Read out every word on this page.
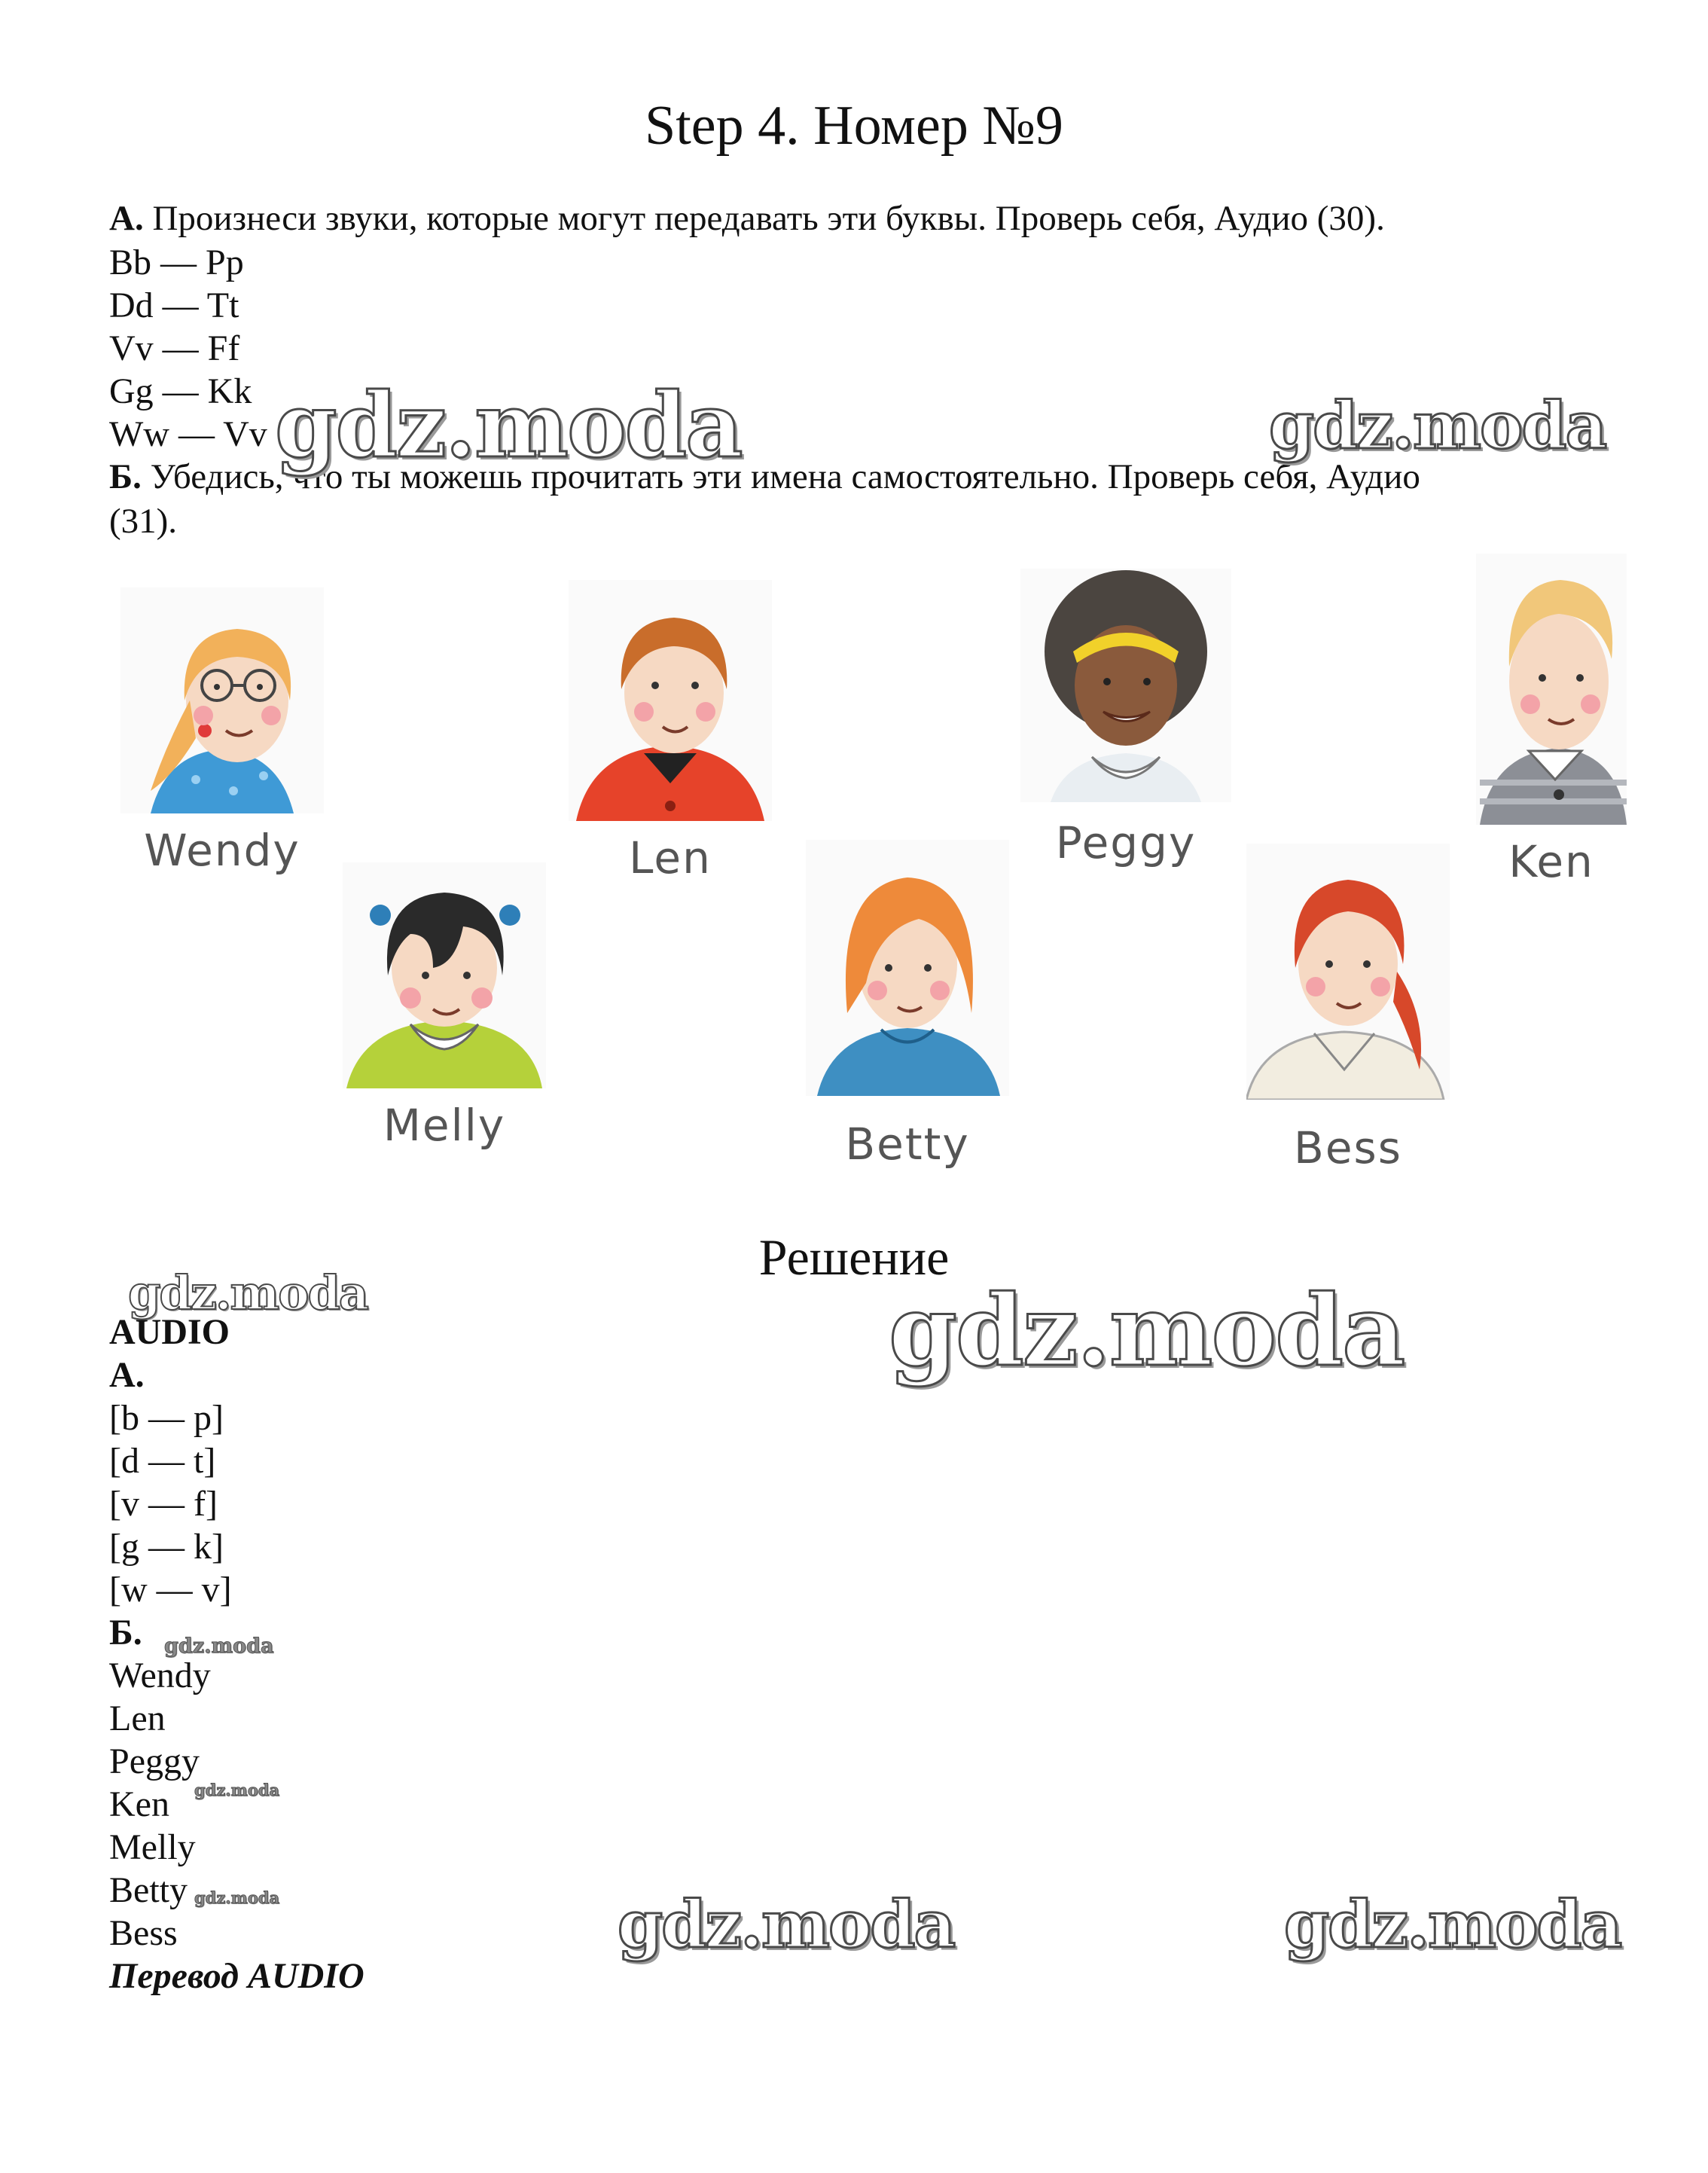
Step 4. Номер №9
А. Произнеси звуки, которые могут передавать эти буквы. Проверь себя, Аудио (30).
Bb — Pp
Dd — Tt
Vv — Ff
Gg — Kk
Ww — Vv
Б. Убедись, что ты можешь прочитать эти имена самостоятельно. Проверь себя, Аудио
(31).
gdz.moda	gdz.moda
Wendy	Len	Peggy	Ken
Melly	Betty	Bess
Решение
gdz.moda	gdz.moda
AUDIO
А.
[b — p]
[d — t]
[v — f]
[g — k]
[w — v]
Б. gdz.moda
Wendy
Len
Peggy
Ken gdz.moda
Melly
Betty gdz.moda
Bess
Перевод AUDIO
gdz.moda	gdz.moda
